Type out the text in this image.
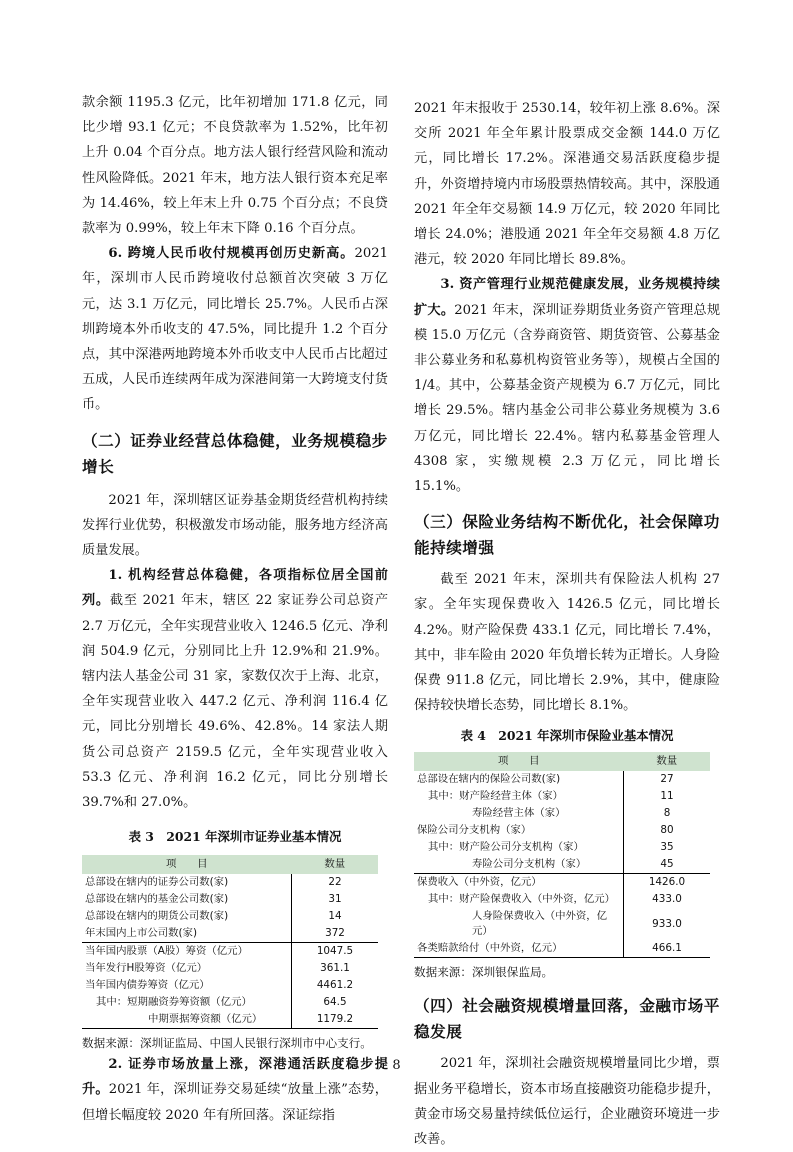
款余额 1195.3 亿元，比年初增加 171.8 亿元，同比少增 93.1 亿元；不良贷款率为 1.52%，比年初上升 0.04 个百分点。地方法人银行经营风险和流动性风险降低。2021 年末，地方法人银行资本充足率为 14.46%，较上年末上升 0.75 个百分点；不良贷款率为 0.99%，较上年末下降 0.16 个百分点。

6. 跨境人民币收付规模再创历史新高。2021 年，深圳市人民币跨境收付总额首次突破 3 万亿元，达 3.1 万亿元，同比增长 25.7%。人民币占深圳跨境本外币收支的 47.5%，同比提升 1.2 个百分点，其中深港两地跨境本外币收支中人民币占比超过五成，人民币连续两年成为深港间第一大跨境支付货币。

（二）证券业经营总体稳健，业务规模稳步增长

2021 年，深圳辖区证券基金期货经营机构持续发挥行业优势，积极激发市场动能，服务地方经济高质量发展。

1. 机构经营总体稳健，各项指标位居全国前列。截至 2021 年末，辖区 22 家证券公司总资产 2.7 万亿元，全年实现营业收入 1246.5 亿元、净利润 504.9 亿元，分别同比上升 12.9%和 21.9%。辖内法人基金公司 31 家，家数仅次于上海、北京，全年实现营业收入 447.2 亿元、净利润 116.4 亿元，同比分别增长 49.6%、42.8%。14 家法人期货公司总资产 2159.5 亿元，全年实现营业收入 53.3 亿元、净利润 16.2 亿元，同比分别增长 39.7%和 27.0%。

表 3　2021 年深圳市证券业基本情况
项　　目	数量
总部设在辖内的证券公司数(家)	22
总部设在辖内的基金公司数(家)	31
总部设在辖内的期货公司数(家)	14
年末国内上市公司数(家)	372
当年国内股票（A股）筹资（亿元）	1047.5
当年发行H股筹资（亿元）	361.1
当年国内债券筹资（亿元）	4461.2
其中：短期融资券筹资额（亿元）	64.5
中期票据筹资额（亿元）	1179.2
数据来源：深圳证监局、中国人民银行深圳市中心支行。

2. 证券市场放量上涨，深港通活跃度稳步提升。2021 年，深圳证券交易延续“放量上涨”态势，但增长幅度较 2020 年有所回落。深证综指

2021 年末报收于 2530.14，较年初上涨 8.6%。深交所 2021 年全年累计股票成交金额 144.0 万亿元，同比增长 17.2%。深港通交易活跃度稳步提升，外资增持境内市场股票热情较高。其中，深股通 2021 年全年交易额 14.9 万亿元，较 2020 年同比增长 24.0%；港股通 2021 年全年交易额 4.8 万亿港元，较 2020 年同比增长 89.8%。

3. 资产管理行业规范健康发展，业务规模持续扩大。2021 年末，深圳证券期货业务资产管理总规模 15.0 万亿元（含券商资管、期货资管、公募基金非公募业务和私募机构资管业务等），规模占全国的 1/4。其中，公募基金资产规模为 6.7 万亿元，同比增长 29.5%。辖内基金公司非公募业务规模为 3.6 万亿元，同比增长 22.4%。辖内私募基金管理人 4308 家，实缴规模 2.3 万亿元，同比增长 15.1%。

（三）保险业务结构不断优化，社会保障功能持续增强

截至 2021 年末，深圳共有保险法人机构 27 家。全年实现保费收入 1426.5 亿元，同比增长 4.2%。财产险保费 433.1 亿元，同比增长 7.4%，其中，非车险由 2020 年负增长转为正增长。人身险保费 911.8 亿元，同比增长 2.9%，其中，健康险保持较快增长态势，同比增长 8.1%。

表 4　2021 年深圳市保险业基本情况
项　　目	数量
总部设在辖内的保险公司数(家)	27
其中：财产险经营主体（家）	11
寿险经营主体（家）	8
保险公司分支机构（家）	80
其中：财产险公司分支机构（家）	35
寿险公司分支机构（家）	45
保费收入（中外资，亿元）	1426.0
其中：财产险保费收入（中外资，亿元）	433.0
人身险保费收入（中外资，亿元）	933.0
各类赔款给付（中外资，亿元）	466.1
数据来源：深圳银保监局。
（四）社会融资规模增量回落，金融市场平稳发展

2021 年，深圳社会融资规模增量同比少增，票据业务平稳增长，资本市场直接融资功能稳步提升，黄金市场交易量持续低位运行，企业融资环境进一步改善。

8
